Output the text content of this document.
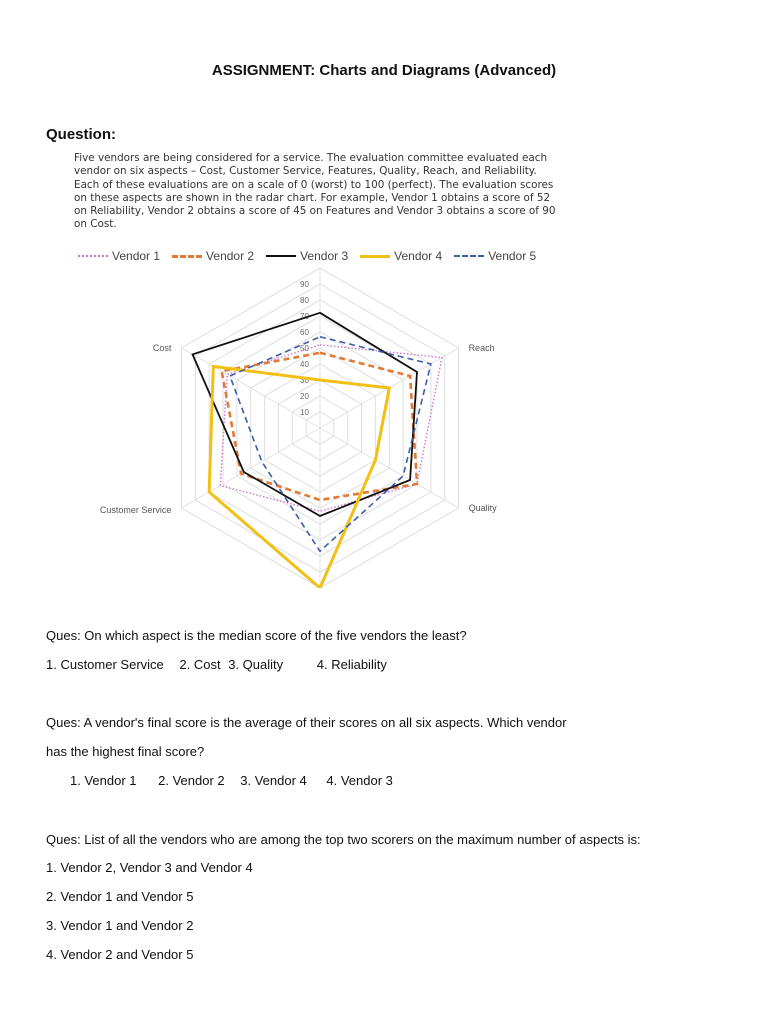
ASSIGNMENT: Charts and Diagrams (Advanced)
Question:
Five vendors are being considered for a service. The evaluation committee evaluated each
vendor on six aspects – Cost, Customer Service, Features, Quality, Reach, and Reliability.
Each of these evaluations are on a scale of 0 (worst) to 100 (perfect). The evaluation scores
on these aspects are shown in the radar chart. For example, Vendor 1 obtains a score of 52
on Reliability, Vendor 2 obtains a score of 45 on Features and Vendor 3 obtains a score of 90
on Cost.
Vendor 1	Vendor 2	Vendor 3	Vendor 4	Vendor 5
Reach
Quality
Customer Service
Cost
10
20
30
40
50
60
70
80
90
Ques: On which aspect is the median score of the five vendors the least?
1. Customer Service 2. Cost 3. Quality	4. Reliability
Ques: A vendor's final score is the average of their scores on all six aspects. Which vendor
has the highest final score?
1. Vendor 1 2. Vendor 2 3. Vendor 4 4. Vendor 3
Ques: List of all the vendors who are among the top two scorers on the maximum number of aspects is:
1. Vendor 2, Vendor 3 and Vendor 4
2. Vendor 1 and Vendor 5
3. Vendor 1 and Vendor 2
4. Vendor 2 and Vendor 5
